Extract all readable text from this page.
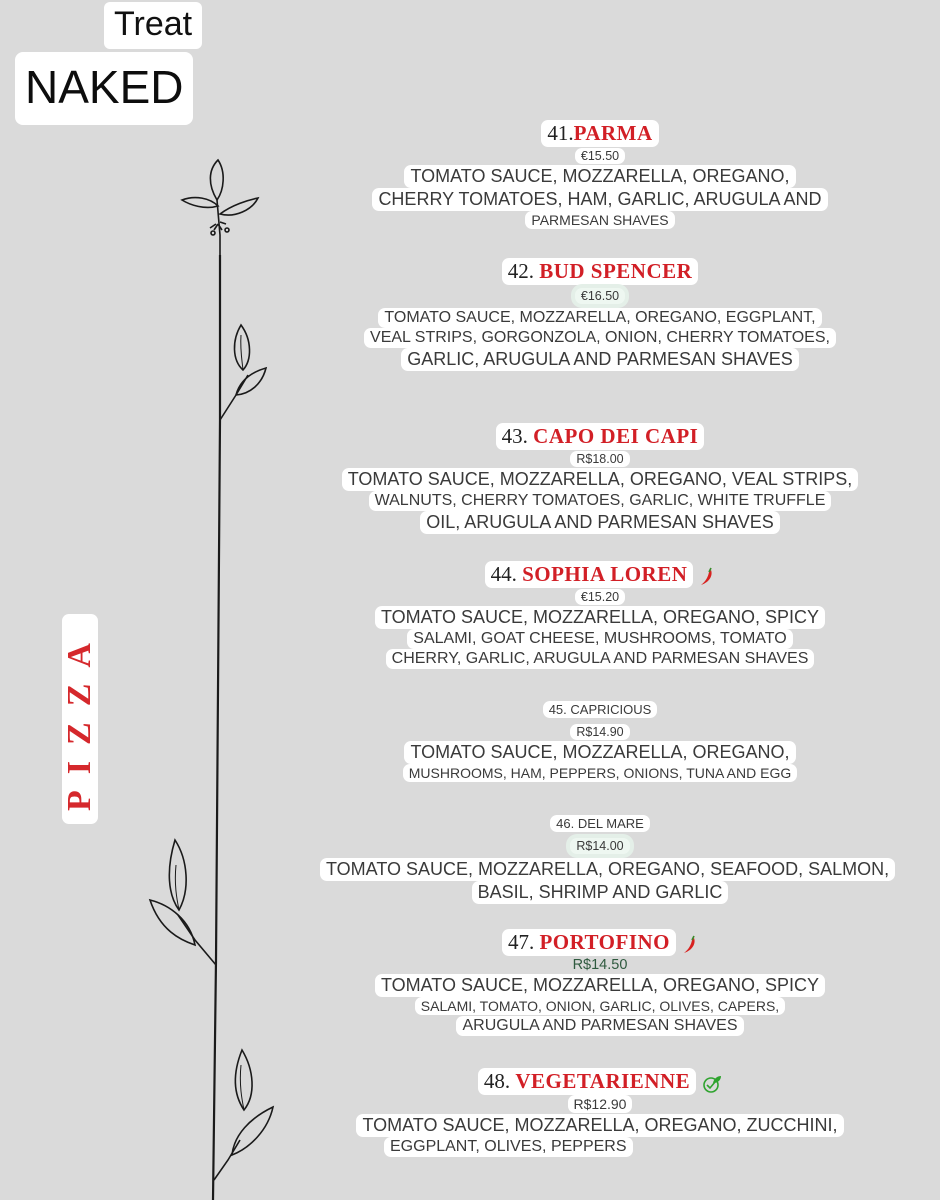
Treat
NAKED
PIZZA
41.PARMA
€15.50
TOMATO SAUCE, MOZZARELLA, OREGANO,
CHERRY TOMATOES, HAM, GARLIC, ARUGULA AND
PARMESAN SHAVES
42. BUD SPENCER
€16.50
TOMATO SAUCE, MOZZARELLA, OREGANO, EGGPLANT,
VEAL STRIPS, GORGONZOLA, ONION, CHERRY TOMATOES,
GARLIC, ARUGULA AND PARMESAN SHAVES
43. CAPO DEI CAPI
R$18.00
TOMATO SAUCE, MOZZARELLA, OREGANO, VEAL STRIPS,
WALNUTS, CHERRY TOMATOES, GARLIC, WHITE TRUFFLE
OIL, ARUGULA AND PARMESAN SHAVES
44. SOPHIA LOREN
€15.20
TOMATO SAUCE, MOZZARELLA, OREGANO, SPICY
SALAMI, GOAT CHEESE, MUSHROOMS, TOMATO
CHERRY, GARLIC, ARUGULA AND PARMESAN SHAVES
45. CAPRICIOUS
R$14.90
TOMATO SAUCE, MOZZARELLA, OREGANO,
MUSHROOMS, HAM, PEPPERS, ONIONS, TUNA AND EGG
46. DEL MARE
R$14.00
TOMATO SAUCE, MOZZARELLA, OREGANO, SEAFOOD, SALMON,
BASIL, SHRIMP AND GARLIC
47. PORTOFINO
R$14.50
TOMATO SAUCE, MOZZARELLA, OREGANO, SPICY
SALAMI, TOMATO, ONION, GARLIC, OLIVES, CAPERS,
ARUGULA AND PARMESAN SHAVES
48. VEGETARIENNE
R$12.90
TOMATO SAUCE, MOZZARELLA, OREGANO, ZUCCHINI,
EGGPLANT, OLIVES, PEPPERS
